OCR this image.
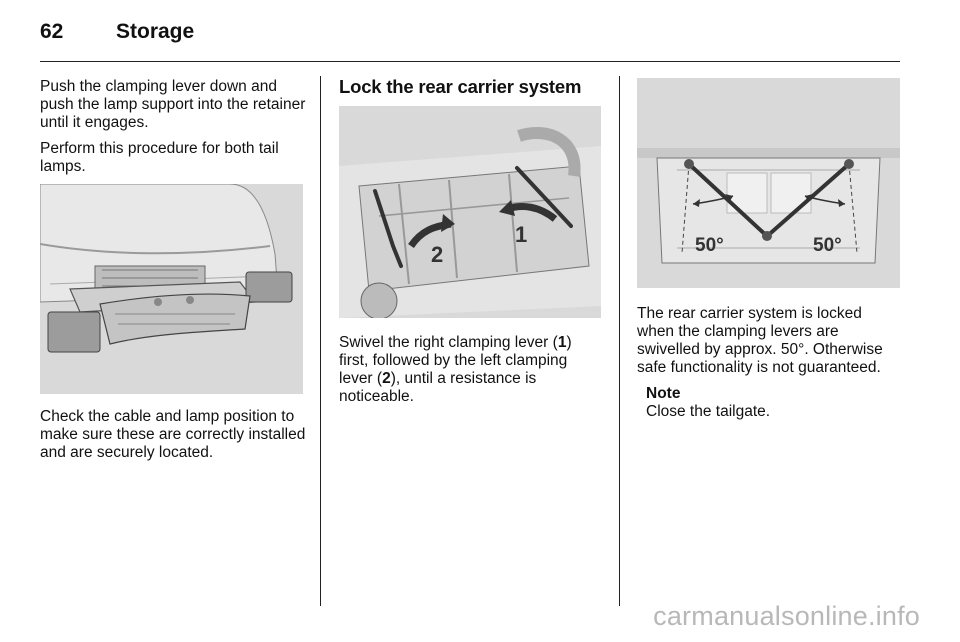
62	Storage

Push the clamping lever down and push the lamp support into the retainer until it engages.

Perform this procedure for both tail lamps.

Check the cable and lamp position to make sure these are correctly installed and are securely located.

Lock the rear carrier system
1
2

Swivel the right clamping lever (1) first, followed by the left clamping lever (2), until a resistance is noticeable.

50°	50°

The rear carrier system is locked when the clamping levers are swivelled by approx. 50°. Otherwise safe functionality is not guaranteed.

Note
Close the tailgate.
carmanualsonline.info
